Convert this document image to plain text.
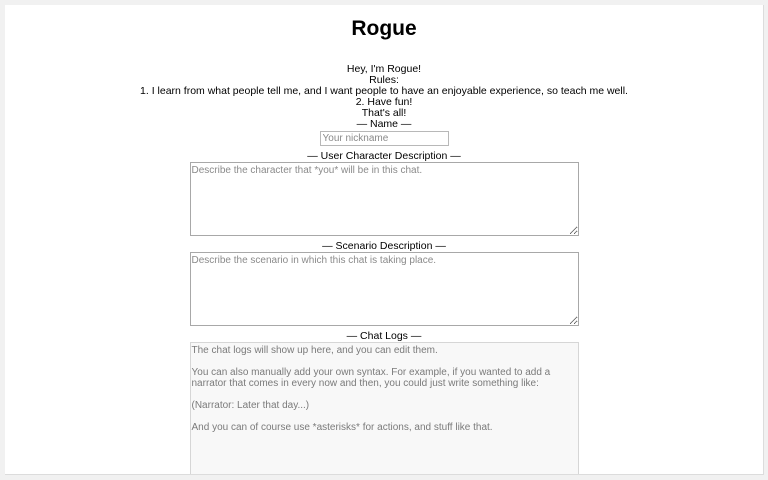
Rogue
Hey, I'm Rogue!
Rules:
1. I learn from what people tell me, and I want people to have an enjoyable experience, so teach me well.
2. Have fun!
That's all!
— Name —
Your nickname
— User Character Description —
Describe the character that *you* will be in this chat.
— Scenario Description —
Describe the scenario in which this chat is taking place.
— Chat Logs —
The chat logs will show up here, and you can edit them. You can also manually add your own syntax. For example, if you wanted to add a narrator that comes in every now and then, you could just write something like: (Narrator: Later that day...) And you can of course use *asterisks* for actions, and stuff like that.
